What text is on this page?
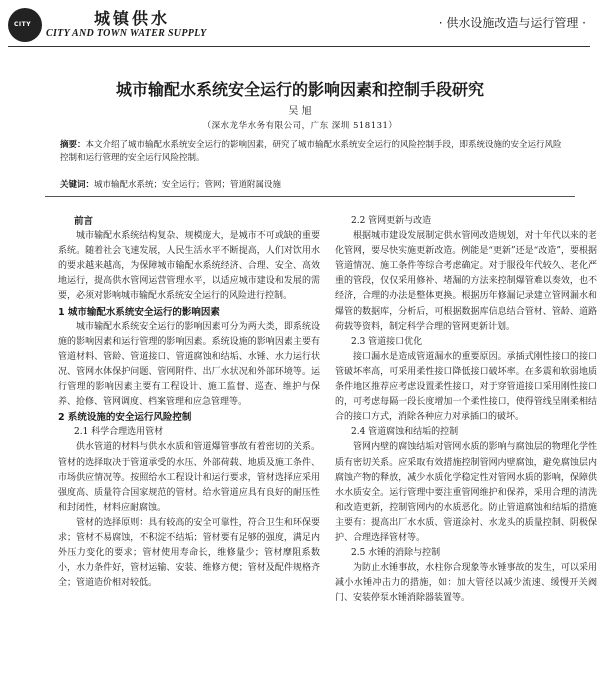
CITY	城镇供水
CITY AND TOWN WATER SUPPLY
· 供水设施改造与运行管理 ·
城市输配水系统安全运行的影响因素和控制手段研究
吴 旭
（深水龙华水务有限公司，广东 深圳 518131）
摘要：本文介绍了城市输配水系统安全运行的影响因素，研究了城市输配水系统安全运行的风险控制手段，即系统设施的安全运行风险控制和运行管理的安全运行风险控制。
关键词：城市输配水系统；安全运行；管网；管道附属设施
前言

城市输配水系统结构复杂、规模庞大，是城市不可或缺的重要系统。随着社会飞速发展，人民生活水平不断提高，人们对饮用水的要求越来越高，为保障城市输配水系统经济、合理、安全、高效地运行，提高供水管网运营管理水平，以适应城市建设和发展的需要，必须对影响城市输配水系统安全运行的风险进行控制。

1 城市输配水系统安全运行的影响因素

城市输配水系统安全运行的影响因素可分为两大类，即系统设施的影响因素和运行管理的影响因素。系统设施的影响因素主要有管道材料、管龄、管道接口、管道腐蚀和结垢、水锤、水力运行状况、管网水体保护问题、管网附件、出厂水状况和外部环境等。运行管理的影响因素主要有工程设计、施工监督、巡查、维护与保养、抢修、管网调度、档案管理和应急管理等。

2 系统设施的安全运行风险控制
2.1 科学合理选用管材

供水管道的材料与供水水质和管道爆管事故有着密切的关系。管材的选择取决于管道承受的水压、外部荷载、地质及施工条件、市场供应情况等。按照给水工程设计和运行要求，管材选择应采用强度高、质量符合国家规范的管材。给水管道应具有良好的耐压性和封闭性，材料应耐腐蚀。

管材的选择原则：具有较高的安全可靠性，符合卫生和环保要求；管材不易腐蚀，不积淀不结垢；管材要有足够的强度，满足内外压力变化的要求；管材使用寿命长，维修量少；管材摩阻系数小，水力条件好，管材运输、安装、维修方便；管材及配件规格齐全；管道造价相对较低。

2.2 管网更新与改造

根据城市建设发展制定供水管网改造规划，对十年代以来的老化管网，要尽快实施更新改造。例能是“更新”还是“改造”，要根据管道情况、施工条件等综合考虑确定。对于服役年代较久、老化严重的管段，仅仅采用修补、堵漏的方法来控制爆管难以奏效，也不经济，合理的办法是整体更换。根据历年修漏记录建立管网漏水和爆管的数据库，分析后，可根据数据库信息结合管材、管龄、道路荷载等资料，制定科学合理的管网更新计划。

2.3 管道接口优化

接口漏水是造成管道漏水的重要原因。承插式刚性接口的接口管破坏率高，可采用柔性接口降低接口破坏率。在多震和软弱地质条件地区推荐应考虑设置柔性接口，对于穿管道接口采用刚性接口的，可考虑每隔一段长度增加一个柔性接口，使得管线呈刚柔相结合的接口方式，消除各种应力对承插口的破坏。

2.4 管道腐蚀和结垢的控制

管网内壁的腐蚀结垢对管网水质的影响与腐蚀层的物理化学性质有密切关系。应采取有效措施控制管网内壁腐蚀，避免腐蚀层内腐蚀产物的释放，减少水质化学稳定性对管网水质的影响，保障供水水质安全。运行管理中要注重管网维护和保养，采用合理的清洗和改造更新，控制管网内的水质恶化。防止管道腐蚀和结垢的措施主要有：提高出厂水水质、管道涂衬、水龙头的质量控制、阴极保护、合理选择管材等。

2.5 水锤的消除与控制

为防止水锤事故，水柱你合现象等水锤事故的发生，可以采用减小水锤冲击力的措施，如：加大管径以减少流速、缓慢开关阀门、安装停泵水锤消除器装置等。
